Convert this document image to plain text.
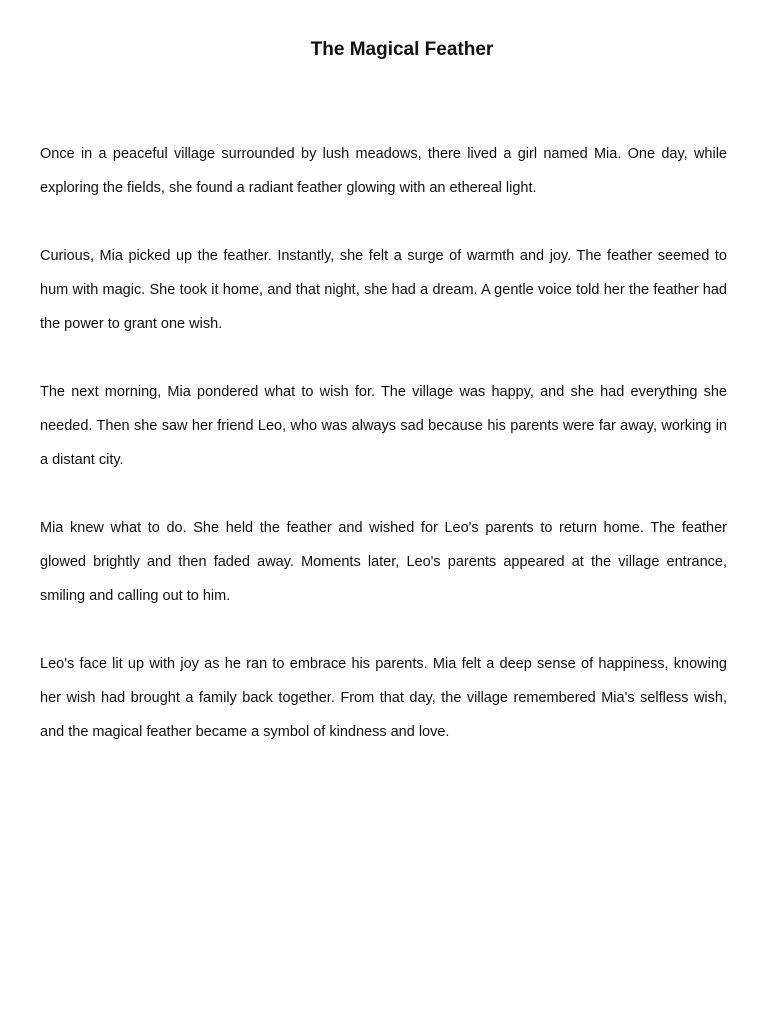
The Magical Feather

Once in a peaceful village surrounded by lush meadows, there lived a girl named Mia. One day, while exploring the fields, she found a radiant feather glowing with an ethereal light.

Curious, Mia picked up the feather. Instantly, she felt a surge of warmth and joy. The feather seemed to hum with magic. She took it home, and that night, she had a dream. A gentle voice told her the feather had the power to grant one wish.

The next morning, Mia pondered what to wish for. The village was happy, and she had everything she needed. Then she saw her friend Leo, who was always sad because his parents were far away, working in a distant city.

Mia knew what to do. She held the feather and wished for Leo's parents to return home. The feather glowed brightly and then faded away. Moments later, Leo's parents appeared at the village entrance, smiling and calling out to him.

Leo's face lit up with joy as he ran to embrace his parents. Mia felt a deep sense of happiness, knowing her wish had brought a family back together. From that day, the village remembered Mia's selfless wish, and the magical feather became a symbol of kindness and love.
